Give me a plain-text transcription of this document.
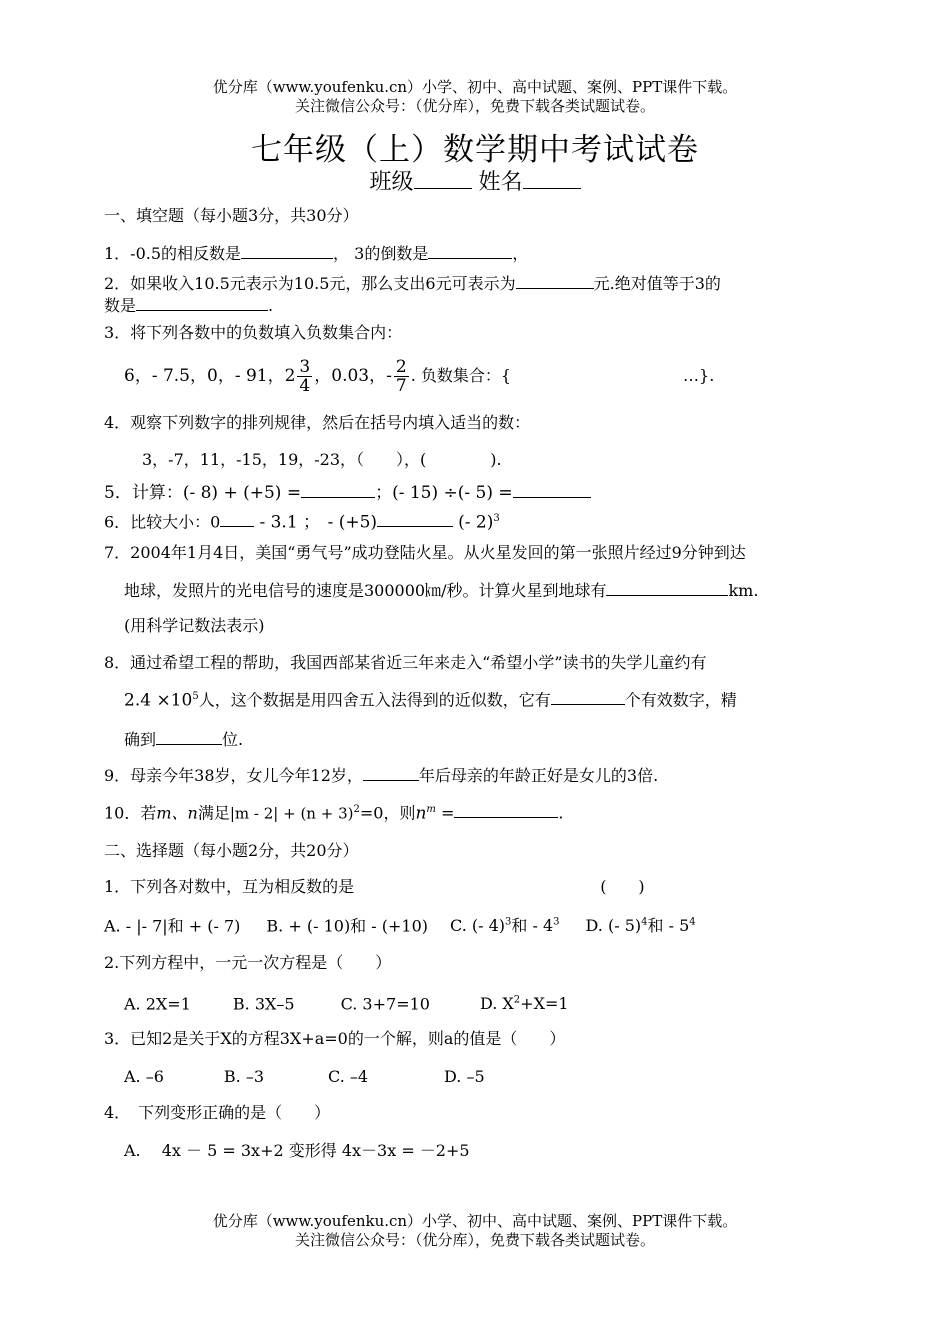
优分库（www.youfenku.cn）小学、初中、高中试题、案例、PPT课件下载。
关注微信公众号：（优分库），免费下载各类试题试卷。
七年级（上）数学期中考试试卷
班级	姓名
一、填空题（每小题3分，共30分）
1．-0.5的相反数是	， 3的倒数是	，
2．如果收入10.5元表示为10.5元，那么支出6元可表示为	元.绝对值等于3的
数是	.
3．将下列各数中的负数填入负数集合内：
6，- 7.5，0，- 91，$2 \frac{3}{4}$ ，0.03，- $\frac{2}{7}$ . 负数集合：{	…}.
4．观察下列数字的排列规律，然后在括号内填入适当的数：
3，-7，11，-15，19，-23，（　　），(　　　　).
5．计算：(- 8) + (+5) =	；(- 15) ÷(- 5) =
6．比较大小：0 - 3.1 ；　 - (+5)	(- 2)$^3$
7．2004年1月4日，美国“勇气号”成功登陆火星。从火星发回的第一张照片经过9分钟到达
地球，发照片的光电信号的速度是300000㎞/秒。计算火星到地球有	km.
(用科学记数法表示)
8．通过希望工程的帮助，我国西部某省近三年来走入“希望小学”读书的失学儿童约有
$2.4 \times 10^5$人，这个数据是用四舍五入法得到的近似数，它有	个有效数字，精
确到	位.
9．母亲今年38岁，女儿今年12岁，	年后母亲的年龄正好是女儿的3倍.
10．若m、n满足$|m - 2| + (n + 3)^2=0$，则$n^m$ =	.
二、选择题（每小题2分，共20分）
1．下列各对数中，互为相反数的是	(　　)
A. - |- 7|和 + (- 7) B. + (- 10)和 - (+10) C. (- 4)$^3$和 - $4^3$ D. (- 5)$^4$和 - $5^4$
2.下列方程中，一元一次方程是（　　）
A. 2X=1	B. 3X–5	C. 3+7=10	D. $X^2+X=1$
3．已知2是关于X的方程3X+a=0的一个解，则a的值是（　　）
A. –6	B. –3	C. –4	D. –5
4．　下列变形正确的是（　　）
A.　 4x － 5 = 3x+2 变形得 4x－3x = －2+5
优分库（www.youfenku.cn）小学、初中、高中试题、案例、PPT课件下载。
关注微信公众号：（优分库），免费下载各类试题试卷。
